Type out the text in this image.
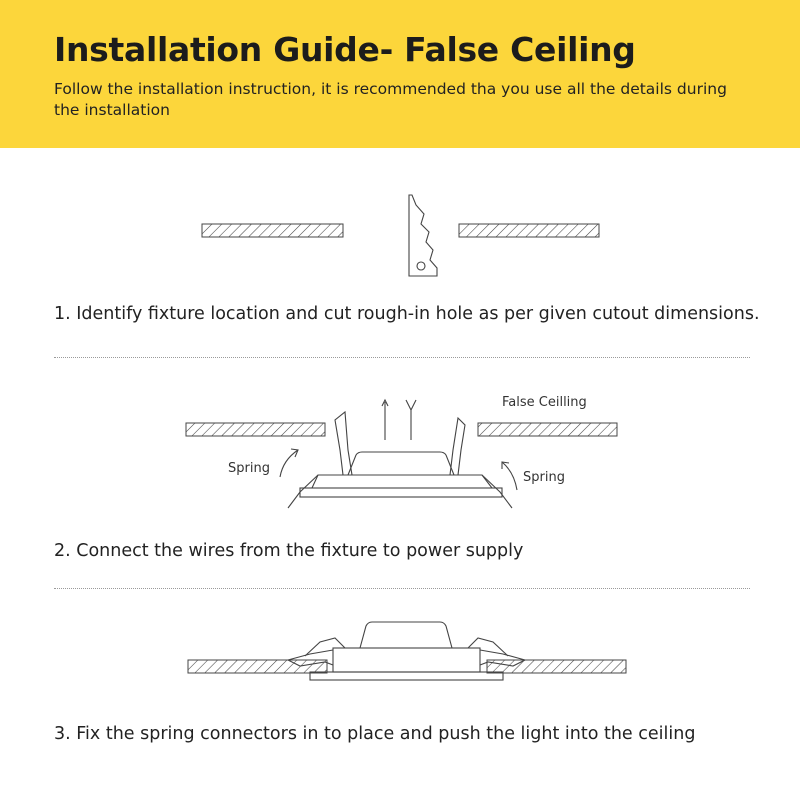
Installation Guide- False Ceiling
Follow the installation instruction, it is recommended tha you use all the details during the installation
1. Identify fixture location and cut rough-in hole as per given cutout dimensions.
False Ceilling
Spring
Spring
2. Connect the wires from the fixture to power supply
3. Fix the spring connectors in to place and push the light into the ceiling
